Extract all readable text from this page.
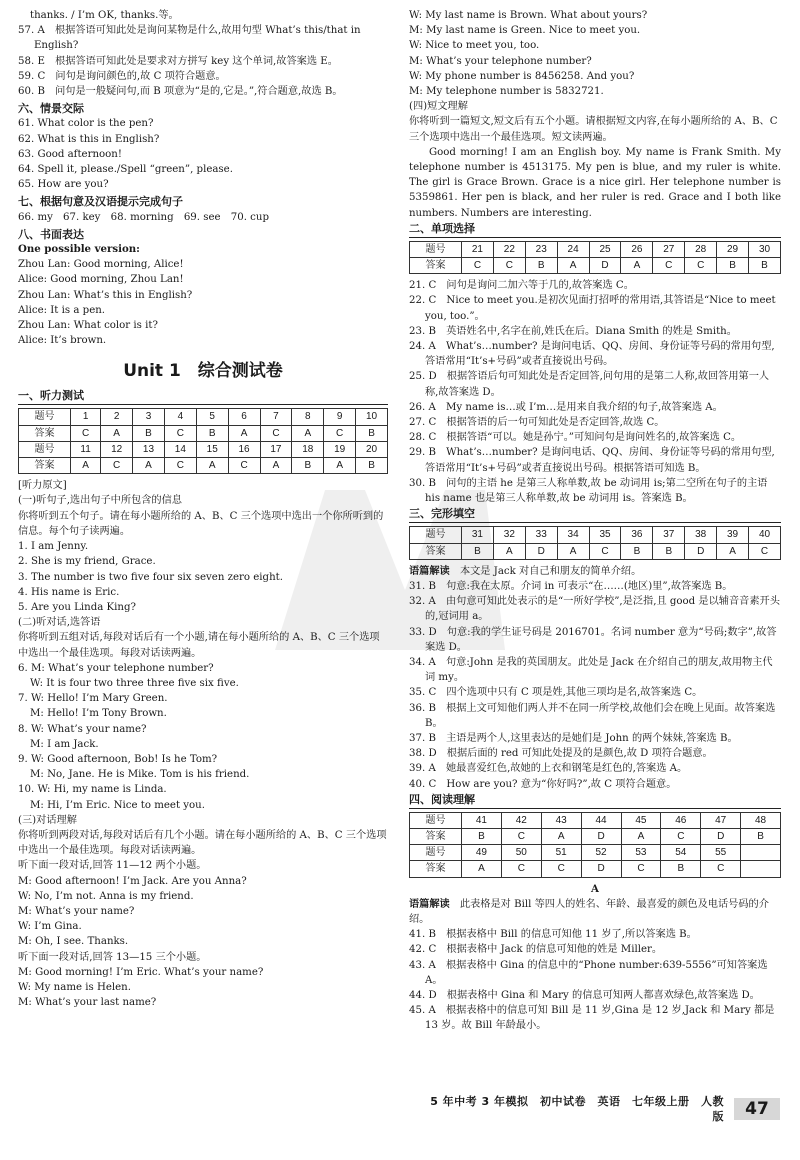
thanks. / I’m OK, thanks.等。
57. A　根据答语可知此处是询问某物是什么,故用句型 What’s this/that in English?
58. E　根据答语可知此处是要求对方拼写 key 这个单词,故答案选 E。
59. C　问句是询问颜色的,故 C 项符合题意。
60. B　问句是一般疑问句,而 B 项意为“是的,它是。”,符合题意,故选 B。
六、情景交际
61. What color is the pen?
62. What is this in English?
63. Good afternoon!
64. Spell it, please./Spell “green”, please.
65. How are you?
七、根据句意及汉语提示完成句子
66. my　67. key　68. morning　69. see　70. cup
八、书面表达
One possible version:
Zhou Lan: Good morning, Alice!
Alice: Good morning, Zhou Lan!
Zhou Lan: What’s this in English?
Alice: It is a pen.
Zhou Lan: What color is it?
Alice: It’s brown.
Unit 1　综合测试卷
一、听力测试
题号	1	2	3	4	5	6	7	8	9	10
答案	C	A	B	C	B	A	C	A	C	B
题号	11	12	13	14	15	16	17	18	19	20
答案	A	C	A	C	A	C	A	B	A	B
[听力原文]
(一)听句子,选出句子中所包含的信息
你将听到五个句子。请在每小题所给的 A、B、C 三个选项中选出一个你所听到的信息。每个句子读两遍。
1. I am Jenny.
2. She is my friend, Grace.
3. The number is two five four six seven zero eight.
4. His name is Eric.
5. Are you Linda King?
(二)听对话,选答语
你将听到五组对话,每段对话后有一个小题,请在每小题所给的 A、B、C 三个选项中选出一个最佳选项。每段对话读两遍。
6. M: What’s your telephone number?
W: It is four two three three five six five.
7. W: Hello! I’m Mary Green.
M: Hello! I’m Tony Brown.
8. W: What’s your name?
M: I am Jack.
9. W: Good afternoon, Bob! Is he Tom?
M: No, Jane. He is Mike. Tom is his friend.
10. W: Hi, my name is Linda.
M: Hi, I’m Eric. Nice to meet you.
(三)对话理解
你将听到两段对话,每段对话后有几个小题。请在每小题所给的 A、B、C 三个选项中选出一个最佳选项。每段对话读两遍。
听下面一段对话,回答 11—12 两个小题。
M: Good afternoon! I’m Jack. Are you Anna?
W: No, I’m not. Anna is my friend.
M: What’s your name?
W: I’m Gina.
M: Oh, I see. Thanks.
听下面一段对话,回答 13—15 三个小题。
M: Good morning! I’m Eric. What’s your name?
W: My name is Helen.
M: What’s your last name?
W: My last name is Brown. What about yours?
M: My last name is Green. Nice to meet you.
W: Nice to meet you, too.
M: What’s your telephone number?
W: My phone number is 8456258. And you?
M: My telephone number is 5832721.
(四)短文理解
你将听到一篇短文,短文后有五个小题。请根据短文内容,在每小题所给的 A、B、C 三个选项中选出一个最佳选项。短文读两遍。
Good morning! I am an English boy. My name is Frank Smith. My telephone number is 4513175. My pen is blue, and my ruler is white. The girl is Grace Brown. Grace is a nice girl. Her telephone number is 5359861. Her pen is black, and her ruler is red. Grace and I both like numbers. Numbers are interesting.
二、单项选择
题号	21	22	23	24	25	26	27	28	29	30
答案	C	C	B	A	D	A	C	C	B	B
21. C　问句是询问二加六等于几的,故答案选 C。
22. C　Nice to meet you.是初次见面打招呼的常用语,其答语是“Nice to meet you, too.”。
23. B　英语姓名中,名字在前,姓氏在后。Diana Smith 的姓是 Smith。
24. A　What’s…number? 是询问电话、QQ、房间、身份证等号码的常用句型,答语常用“It’s+号码”或者直接说出号码。
25. D　根据答语后句可知此处是否定回答,问句用的是第二人称,故回答用第一人称,故答案选 D。
26. A　My name is…或 I’m…是用来自我介绍的句子,故答案选 A。
27. C　根据答语的后一句可知此处是否定回答,故选 C。
28. C　根据答语“可以。她是孙宁。”可知问句是询问姓名的,故答案选 C。
29. B　What’s…number? 是询问电话、QQ、房间、身份证等号码的常用句型,答语常用“It’s+号码”或者直接说出号码。根据答语可知选 B。
30. B　问句的主语 he 是第三人称单数,故 be 动词用 is;第二空所在句子的主语 his name 也是第三人称单数,故 be 动词用 is。答案选 B。
三、完形填空
题号	31	32	33	34	35	36	37	38	39	40
答案	B	A	D	A	C	B	B	D	A	C
语篇解读　 本文是 Jack 对自己和朋友的简单介绍。
31. B　句意:我在太原。介词 in 可表示“在……(地区)里”,故答案选 B。
32. A　由句意可知此处表示的是“一所好学校”,是泛指,且 good 是以辅音音素开头的,冠词用 a。
33. D　句意:我的学生证号码是 2016701。名词 number 意为“号码;数字”,故答案选 D。
34. A　句意:John 是我的英国朋友。此处是 Jack 在介绍自己的朋友,故用物主代词 my。
35. C　四个选项中只有 C 项是姓,其他三项均是名,故答案选 C。
36. B　根据上文可知他们两人并不在同一所学校,故他们会在晚上见面。故答案选 B。
37. B　主语是两个人,这里表达的是她们是 John 的两个妹妹,答案选 B。
38. D　根据后面的 red 可知此处提及的是颜色,故 D 项符合题意。
39. A　她最喜爱红色,故她的上衣和钢笔是红色的,答案选 A。
40. C　How are you? 意为“你好吗?”,故 C 项符合题意。
四、阅读理解
题号	41	42	43	44	45	46	47	48
答案	B	C	A	D	A	C	D	B
题号	49	50	51	52	53	54	55	
答案	A	C	C	D	C	B	C	
A
语篇解读　 此表格是对 Bill 等四人的姓名、年龄、最喜爱的颜色及电话号码的介绍。
41. B　根据表格中 Bill 的信息可知他 11 岁了,所以答案选 B。
42. C　根据表格中 Jack 的信息可知他的姓是 Miller。
43. A　根据表格中 Gina 的信息中的“Phone number:639-5556”可知答案选 A。
44. D　根据表格中 Gina 和 Mary 的信息可知两人都喜欢绿色,故答案选 D。
45. A　根据表格中的信息可知 Bill 是 11 岁,Gina 是 12 岁,Jack 和 Mary 都是 13 岁。故 Bill 年龄最小。
5 年中考 3 年模拟　初中试卷　英语　七年级上册　人教版	47
